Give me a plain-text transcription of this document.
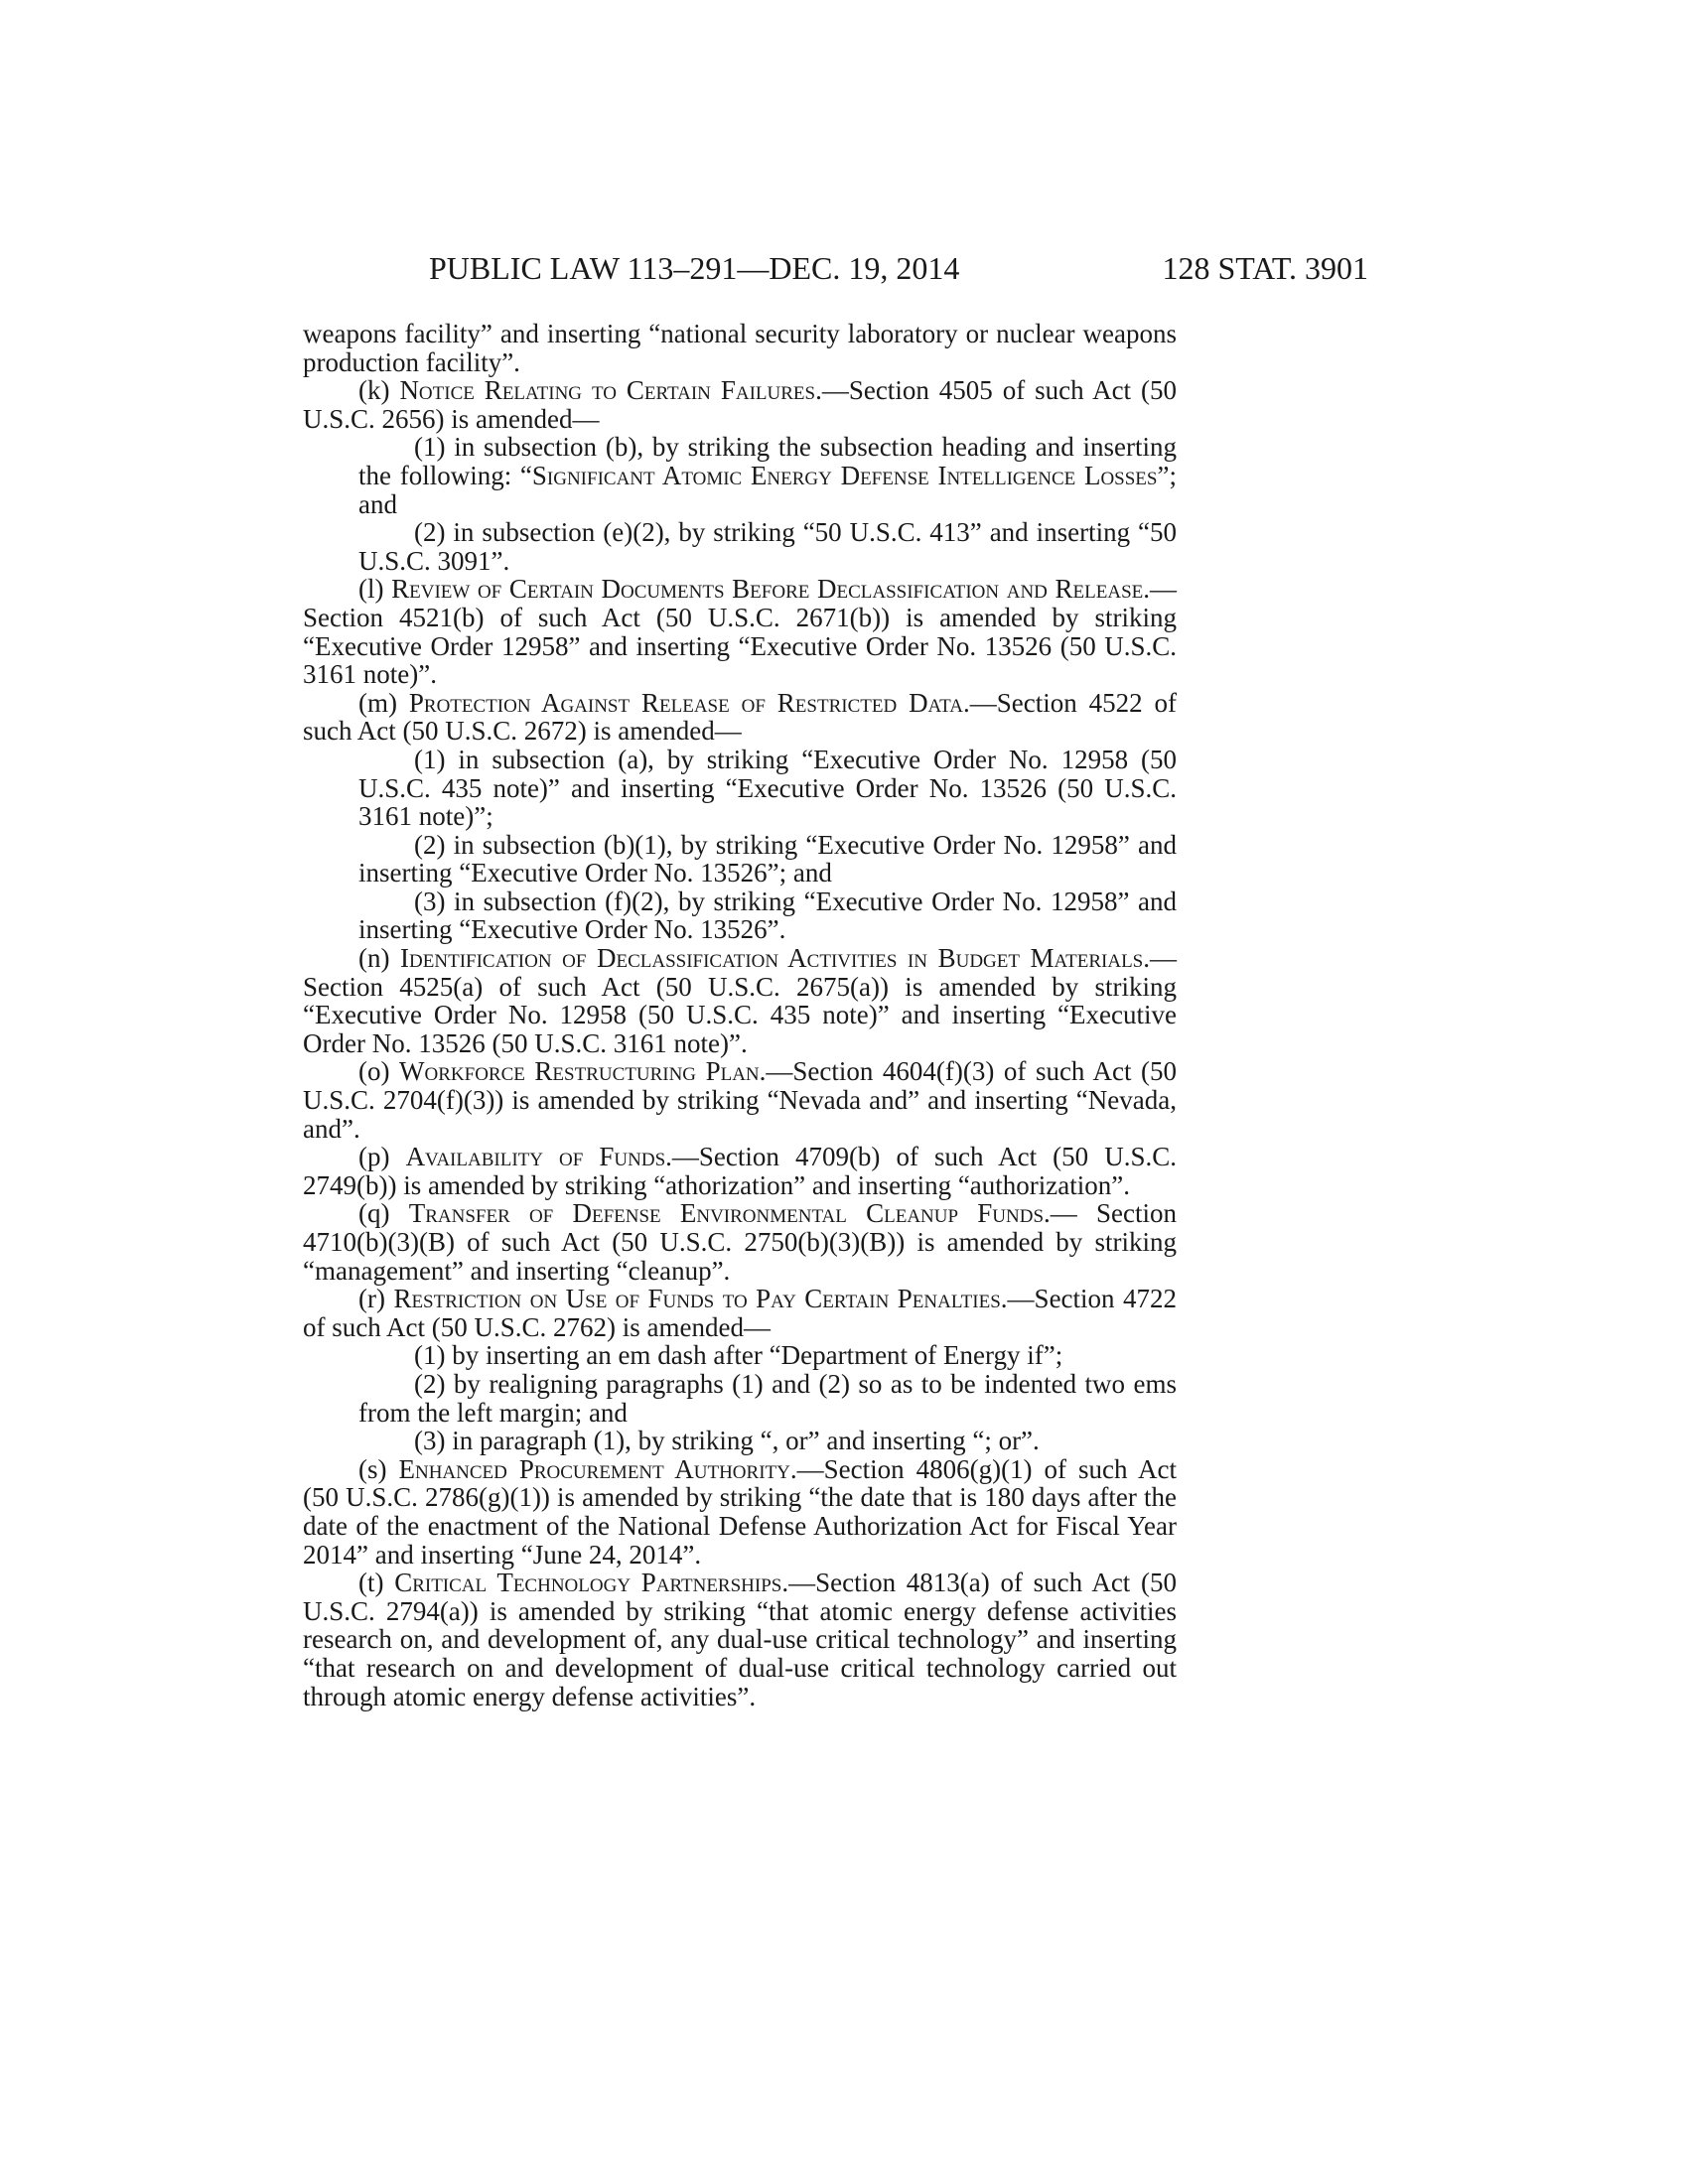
PUBLIC LAW 113–291—DEC. 19, 2014	128 STAT. 3901

weapons facility” and inserting “national security laboratory or nuclear weapons production facility”.

(k) Notice Relating to Certain Failures.—Section 4505 of such Act (50 U.S.C. 2656) is amended—

(1) in subsection (b), by striking the subsection heading and inserting the following: “Significant Atomic Energy Defense Intelligence Losses”; and

(2) in subsection (e)(2), by striking “50 U.S.C. 413” and inserting “50 U.S.C. 3091”.

(l) Review of Certain Documents Before Declassification and Release.—Section 4521(b) of such Act (50 U.S.C. 2671(b)) is amended by striking “Executive Order 12958” and inserting “Executive Order No. 13526 (50 U.S.C. 3161 note)”.

(m) Protection Against Release of Restricted Data.—Section 4522 of such Act (50 U.S.C. 2672) is amended—

(1) in subsection (a), by striking “Executive Order No. 12958 (50 U.S.C. 435 note)” and inserting “Executive Order No. 13526 (50 U.S.C. 3161 note)”;

(2) in subsection (b)(1), by striking “Executive Order No. 12958” and inserting “Executive Order No. 13526”; and

(3) in subsection (f)(2), by striking “Executive Order No. 12958” and inserting “Executive Order No. 13526”.

(n) Identification of Declassification Activities in Budget Materials.—Section 4525(a) of such Act (50 U.S.C. 2675(a)) is amended by striking “Executive Order No. 12958 (50 U.S.C. 435 note)” and inserting “Executive Order No. 13526 (50 U.S.C. 3161 note)”.

(o) Workforce Restructuring Plan.—Section 4604(f)(3) of such Act (50 U.S.C. 2704(f)(3)) is amended by striking “Nevada and” and inserting “Nevada, and”.

(p) Availability of Funds.—Section 4709(b) of such Act (50 U.S.C. 2749(b)) is amended by striking “athorization” and inserting “authorization”.

(q) Transfer of Defense Environmental Cleanup Funds.— Section 4710(b)(3)(B) of such Act (50 U.S.C. 2750(b)(3)(B)) is amended by striking “management” and inserting “cleanup”.

(r) Restriction on Use of Funds to Pay Certain Penalties.—Section 4722 of such Act (50 U.S.C. 2762) is amended—

(1) by inserting an em dash after “Department of Energy if”;

(2) by realigning paragraphs (1) and (2) so as to be indented two ems from the left margin; and

(3) in paragraph (1), by striking “, or” and inserting “; or”.

(s) Enhanced Procurement Authority.—Section 4806(g)(1) of such Act (50 U.S.C. 2786(g)(1)) is amended by striking “the date that is 180 days after the date of the enactment of the National Defense Authorization Act for Fiscal Year 2014” and inserting “June 24, 2014”.

(t) Critical Technology Partnerships.—Section 4813(a) of such Act (50 U.S.C. 2794(a)) is amended by striking “that atomic energy defense activities research on, and development of, any dual-use critical technology” and inserting “that research on and development of dual-use critical technology carried out through atomic energy defense activities”.
